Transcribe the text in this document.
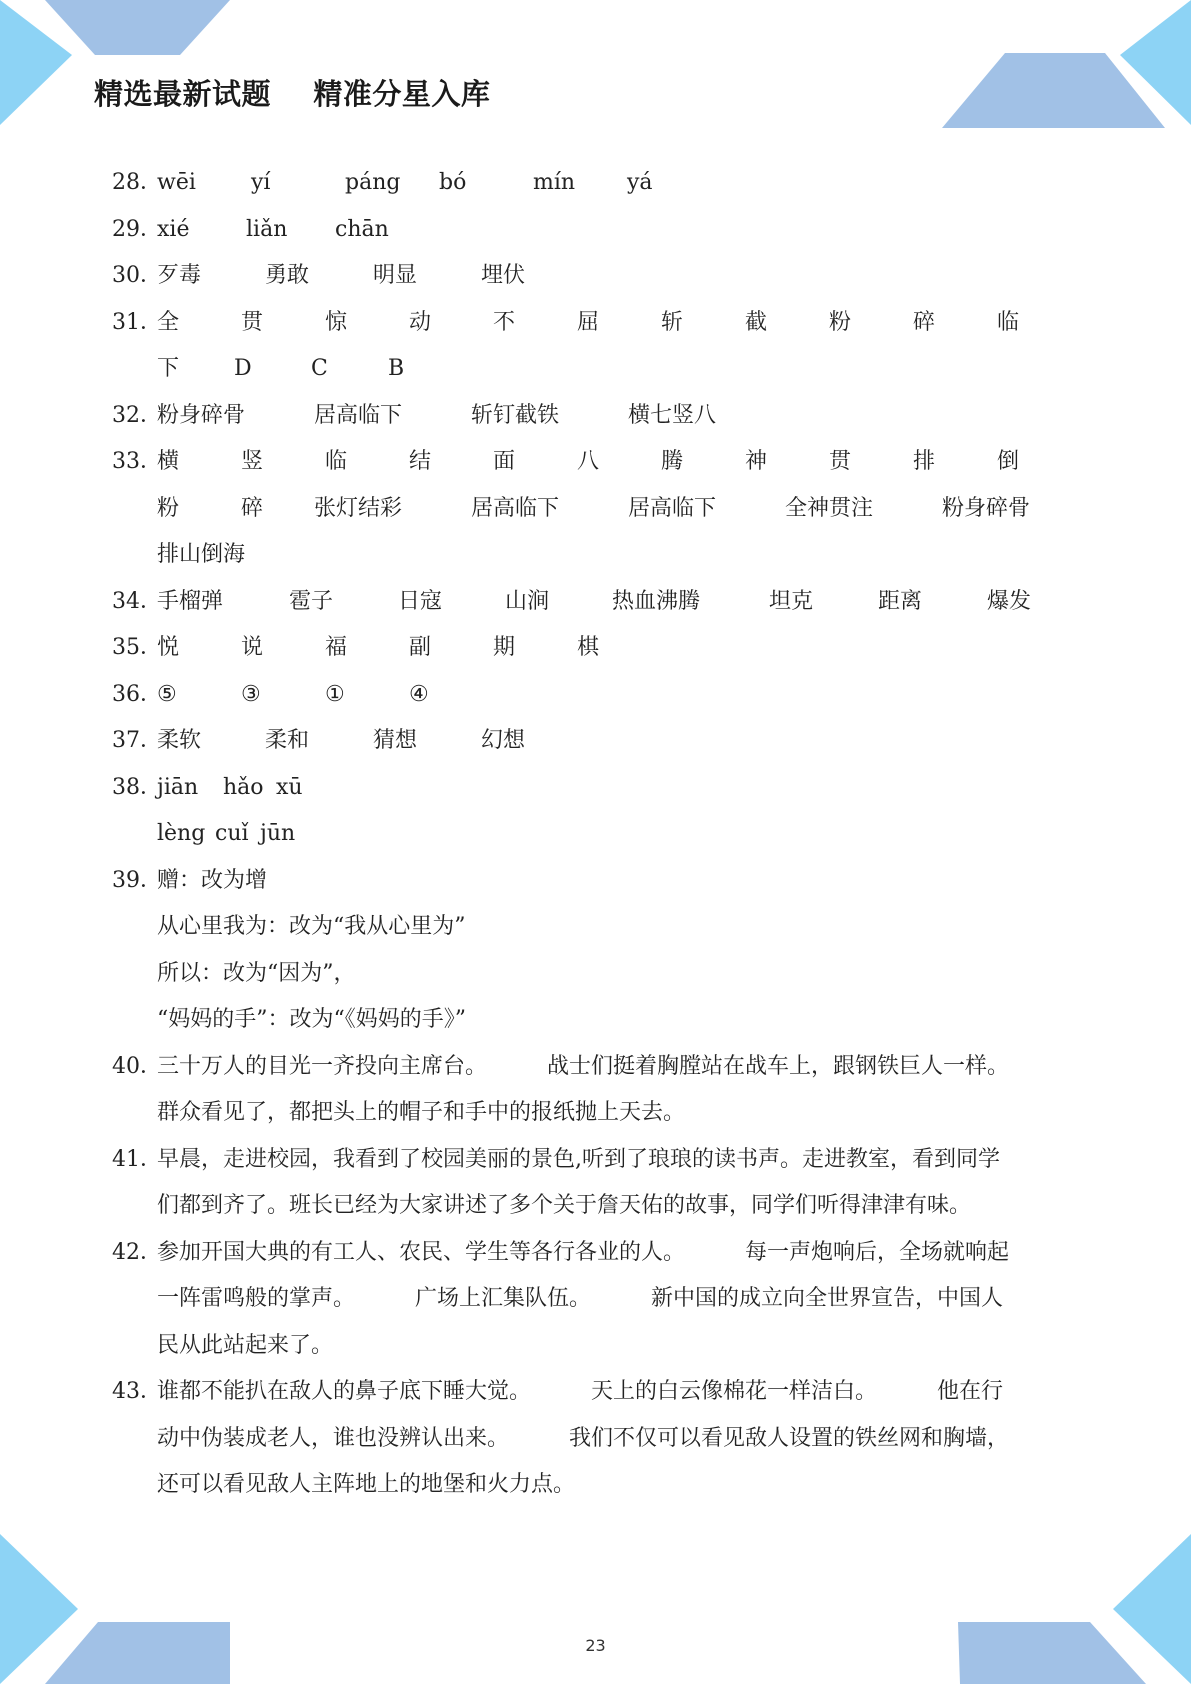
精选最新试题    精准分星入库
28．
wēi	yí	páng	bó	mín	yá
29．
xié	liǎn	chān
30．
歹毒	勇敢	明显	埋伏
31．
全	贯	惊	动	不	屈	斩	截	粉	碎	临
下	D	C	B
32．
粉身碎骨	居高临下	斩钉截铁	横七竖八
33．
横	竖	临	结	面	八	腾	神	贯	排	倒
粉	碎	张灯结彩	居高临下	居高临下	全神贯注	粉身碎骨
排山倒海
34．
手榴弹	雹子	日寇	山涧	热血沸腾	坦克	距离	爆发
35．
悦	说	福	副	期	棋
36．
⑤	③	①	④
37．
柔软	柔和	猜想	幻想
38．
jiān	hǎo xū
lèng cuǐ jūn
39．
赠：改为增
从心里我为：改为“我从心里为”
所以：改为“因为”，
“妈妈的手”：改为“《妈妈的手》”
40．
三十万人的目光一齐投向主席台。	战士们挺着胸膛站在战车上，跟钢铁巨人一样。
群众看见了，都把头上的帽子和手中的报纸抛上天去。
41．
早晨，走进校园，我看到了校园美丽的景色,听到了琅琅的读书声。走进教室，看到同学
们都到齐了。班长已经为大家讲述了多个关于詹天佑的故事，同学们听得津津有味。
42．
参加开国大典的有工人、农民、学生等各行各业的人。	每一声炮响后，全场就响起
一阵雷鸣般的掌声。	广场上汇集队伍。	新中国的成立向全世界宣告，中国人
民从此站起来了。
43．
谁都不能扒在敌人的鼻子底下睡大觉。	天上的白云像棉花一样洁白。	他在行
动中伪装成老人，谁也没辨认出来。	我们不仅可以看见敌人设置的铁丝网和胸墙，
还可以看见敌人主阵地上的地堡和火力点。
23
